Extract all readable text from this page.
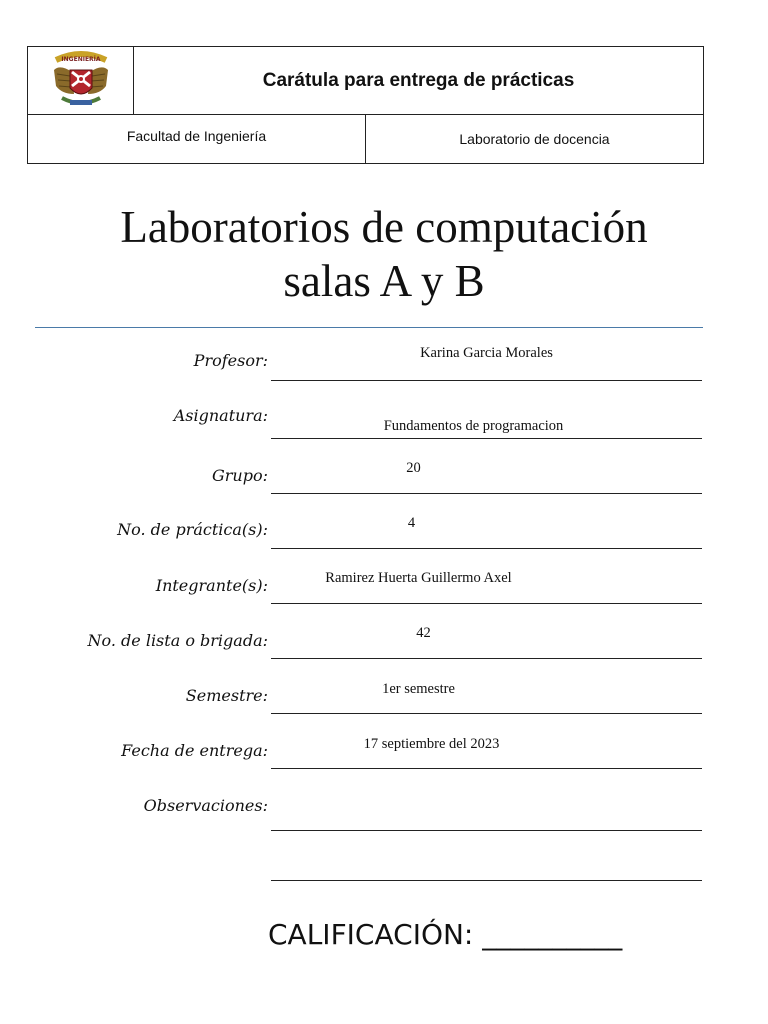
INGENIERÍA
Carátula para entrega de prácticas
Facultad de Ingeniería	Laboratorio de docencia
Laboratorios de computación
salas A y B
Profesor:	Karina Garcia Morales
Asignatura:
Fundamentos de programacion
Grupo:	20
No. de práctica(s):	4
Integrante(s):	Ramirez Huerta Guillermo Axel
No. de lista o brigada:	42
Semestre:	1er semestre
Fecha de entrega:	17 septiembre del 2023
Observaciones:
CALIFICACIÓN: __________
